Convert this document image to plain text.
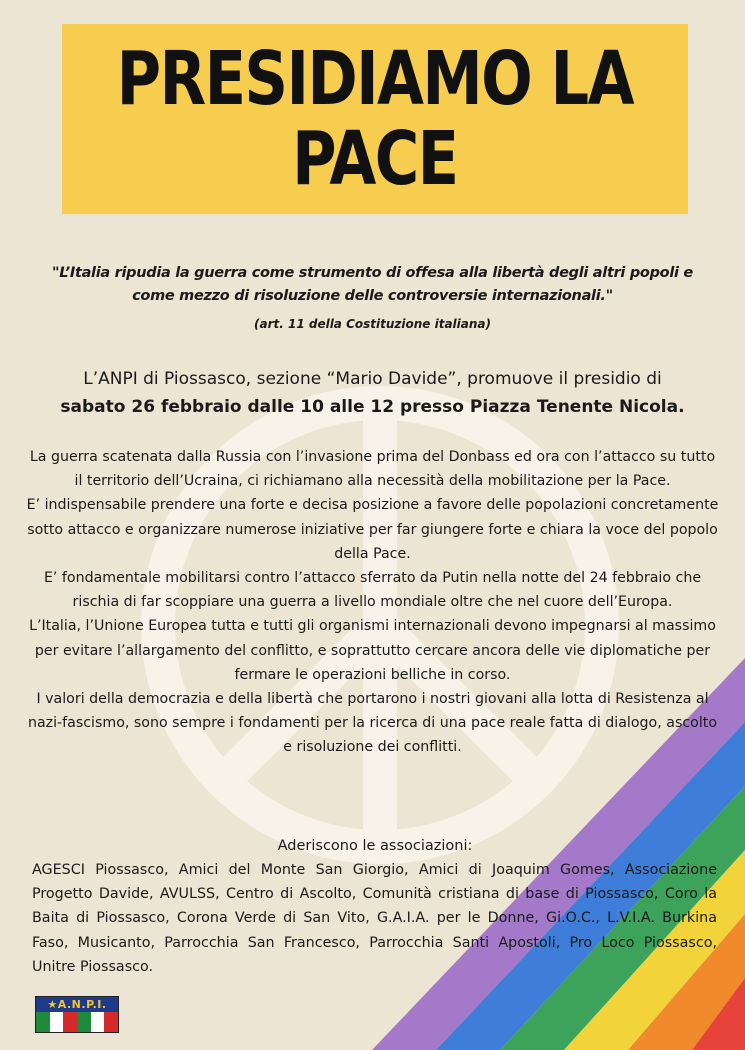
PRESIDIAMO LA
PACE
"L’Italia ripudia la guerra come strumento di offesa alla libertà degli altri popoli e
come mezzo di risoluzione delle controversie internazionali."
(art. 11 della Costituzione italiana)
L’ANPI di Piossasco, sezione “Mario Davide”, promuove il presidio di
sabato 26 febbraio dalle 10 alle 12 presso Piazza Tenente Nicola.

La guerra scatenata dalla Russia con l’invasione prima del Donbass ed ora con l’attacco su tutto il territorio dell’Ucraina, ci richiamano alla necessità della mobilitazione per la Pace.

E’ indispensabile prendere una forte e decisa posizione a favore delle popolazioni concretamente sotto attacco e organizzare numerose iniziative per far giungere forte e chiara la voce del popolo della Pace.

E’ fondamentale mobilitarsi contro l’attacco sferrato da Putin nella notte del 24 febbraio che rischia di far scoppiare una guerra a livello mondiale oltre che nel cuore dell’Europa.

L’Italia, l’Unione Europea tutta e tutti gli organismi internazionali devono impegnarsi al massimo per evitare l’allargamento del conflitto, e soprattutto cercare ancora delle vie diplomatiche per fermare le operazioni belliche in corso.

I valori della democrazia e della libertà che portarono i nostri giovani alla lotta di Resistenza al nazi-fascismo, sono sempre i fondamenti per la ricerca di una pace reale fatta di dialogo, ascolto e risoluzione dei conflitti.

Aderiscono le associazioni:
AGESCI Piossasco, Amici del Monte San Giorgio, Amici di Joaquim Gomes, Associazione Progetto Davide, AVULSS, Centro di Ascolto, Comunità cristiana di base di Piossasco, Coro la Baita di Piossasco, Corona Verde di San Vito, G.A.I.A. per le Donne, Gi.O.C., L.V.I.A. Burkina Faso, Musicanto, Parrocchia San Francesco, Parrocchia Santi Apostoli, Pro Loco Piossasco, Unitre Piossasco.
★A.N.P.I.
